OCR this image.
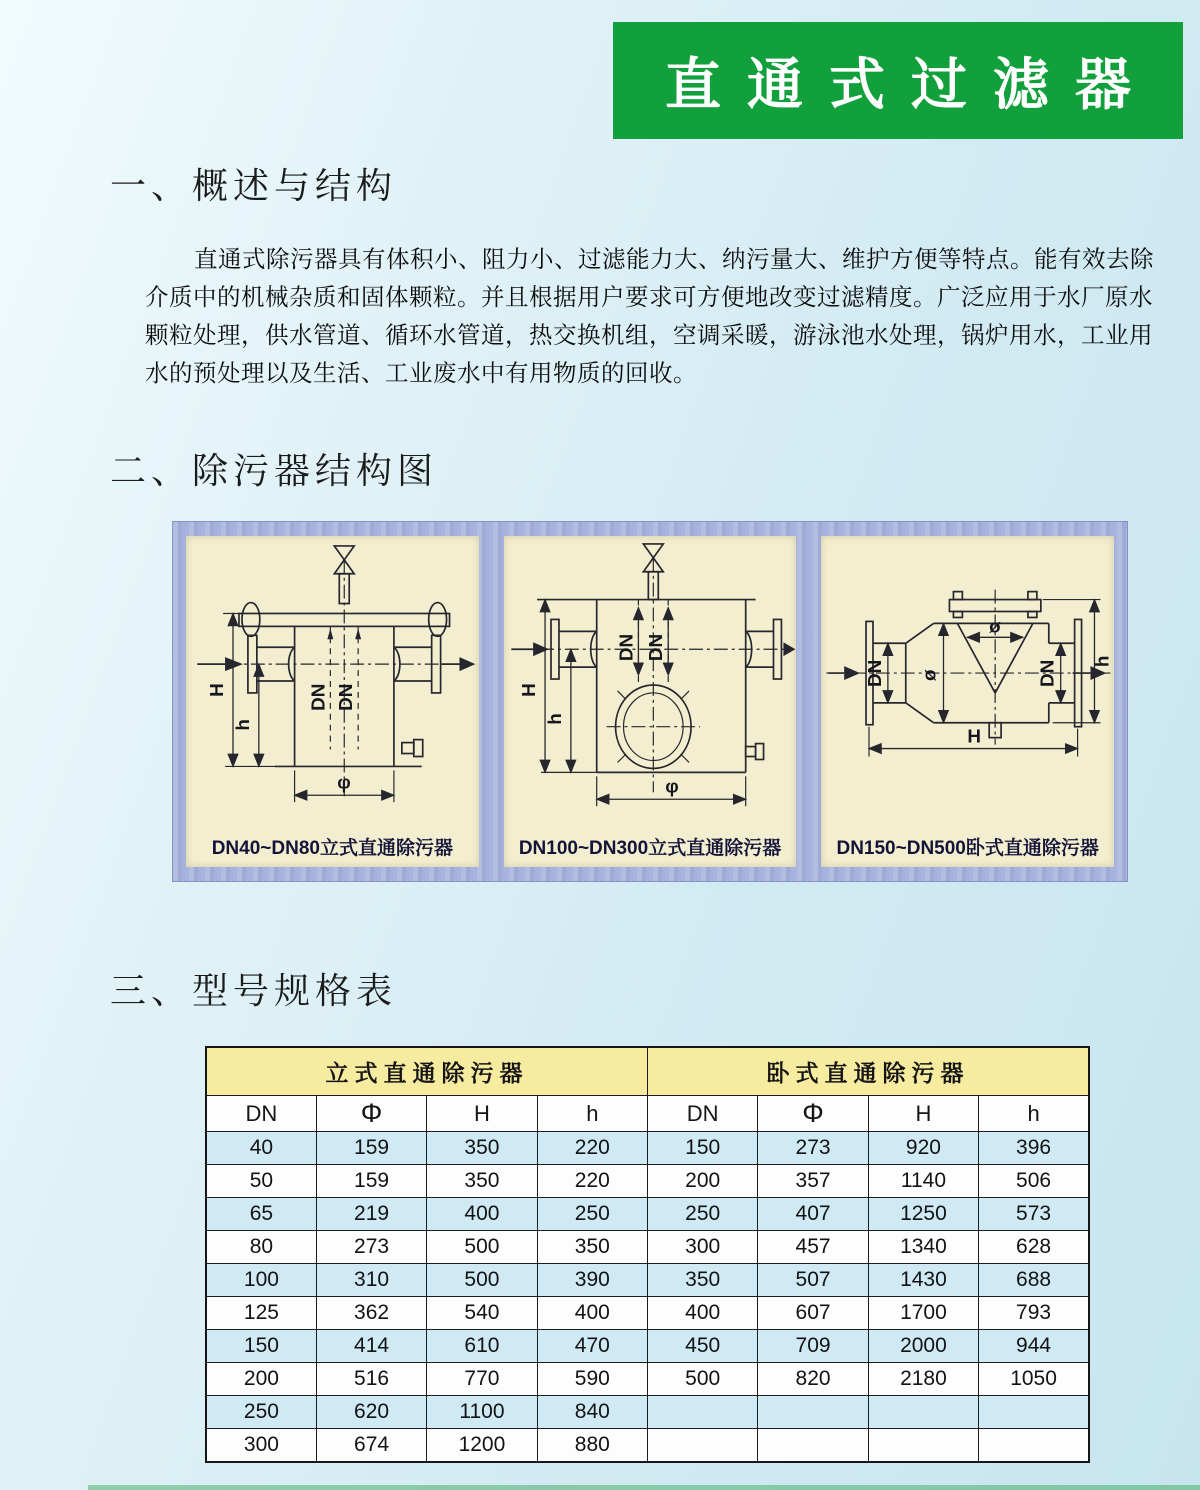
直通式过滤器
一、概述与结构
直通式除污器具有体积小、阻力小、过滤能力大、纳污量大、维护方便等特点。能有效去除
介质中的机械杂质和固体颗粒。并且根据用户要求可方便地改变过滤精度。广泛应用于水厂原水
颗粒处理，供水管道、循环水管道，热交换机组，空调采暖，游泳池水处理，锅炉用水，工业用
水的预处理以及生活、工业废水中有用物质的回收。
二、除污器结构图
DN DN
H
h
φ
DN40~DN80立式直通除污器
DN DN
H
h
φ
DN100~DN300立式直通除污器
ø
ø
DN	DN h
H
DN150~DN500卧式直通除污器
三、型号规格表
立式直通除污器				卧式直通除污器			
DN	Φ	H	h	DN	Φ	H	h
40	159	350	220	150	273	920	396
50	159	350	220	200	357	1140	506
65	219	400	250	250	407	1250	573
80	273	500	350	300	457	1340	628
100	310	500	390	350	507	1430	688
125	362	540	400	400	607	1700	793
150	414	610	470	450	709	2000	944
200	516	770	590	500	820	2180	1050
250	620	1100	840				
300	674	1200	880				
